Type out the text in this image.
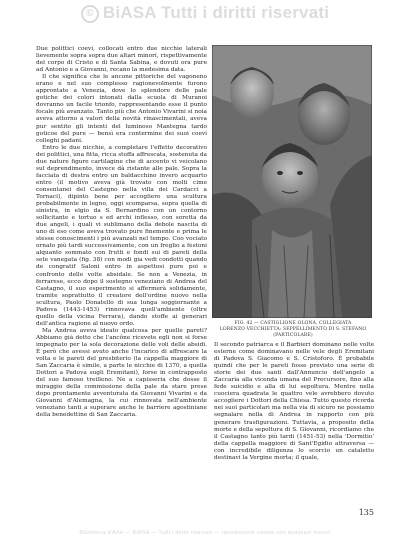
© BiASA Tutti i diritti riservati

Due polittici coevi, collocati entro due nicchie laterali lievemente sopra sopra due altari minori, rispettivamente del corpo di Cristo e di Santa Sabina, e dovuti ora pure ad Antonio e a Giovanni, recano la medesima data.

Il che significa che le ancone pittoriche del vagoneno erano e nel suo complesso ragionevolmente furono approntate a Venezia, dove lo splendore delle pale gotiche dei colori intonati dalla scuola di Muranoi dovranno un facile trionfo, rappresentando esse il punto focale più avanzato. Tanto più che Antonio Vivarini si noia aveva attorno a valori della novità rinascimentali, aveva pur sentito gli intenti del luminoso Mantegna tardo goticoe del pure — bensì era contermine dei suoi coevi colleghi padani.

Entro le due nicchie, a completare l'effetto decorativo dei polittici, una fitta, ricca stoffa affrescata, sostenuta da due nature figure cartilagine che di accento vi veicolano sul deprendimento, invece dà ristante alle pale. Sopra la facciata di destra entro un baldacchino invero acquarto entro (il motivo aveva già trovato con molti cime consentanei del Castegno nella villa dei Cardacci a Tornaci), dipinto bene per accogliere una scultura probabilmente in legno, oggi scomparsa, sopra quella di sinistra, in elgio da S. Bernardino con un contorno sollicitante e tortuo s ed archi inflesso, con soretta da due angeli, i quali vi sublimano della debole nascita di uno di eso come aveva trovato pure finemente e prima le stesse conoscimenti i più avanzati nel tempo. Coo vociato ornato più tardi successivamente, con un freglio a festoni alquanto sommato con frutti e fondi sui di pareti della sete vanegata (fig. 38) con modi gia vedi condotti quando de congratif Saloni entro in aspettosi pure poi e confronto delle volte absidale. Se non a Venezia, in ferrarese, ecco dopo il sostegno veneziano di Andrea del Castagno, il suo esperimento si affermerà solidamente, tramite soprattutto il creatore dell'ordine nuovo nella scultura, Paolo Donatello di sua lunga soggiornante a Padova (1443-1453) rinnovava quell'ambiente (oltre quello della vicina Ferrara), dando stoffe ai generari dell'antica ragione al nuovo ordo.

Ma Andrea aveva ideato qualcosa per quelle pareti? Abbiamo già detto che l'ancône ricevete egli non si forse impegnato per la sola decorazione delle voli delle absidi. È però che avessi avuto anche l'incarico di affrescare la volta e le pareti del presbiterio (la cappella maggiore di San Zaccaria è simile, a parte le nicchie di 1370, a quella Dottori a Padova sugli Eremitani), forse in contrapposto del suo famoso treilleno. Ne a capisseria che dosse il miraggio della commissione della pale da stare prese dopo prontamente avventurata da Giovanni Vivarini e da Giovanni d'Alemagna, la cui rinnovata nell'ambiente veneziano tanti a superare anche le barriere agostiniane della benedettine di San Zaccaria.

FIG. 42 — CASTIGLIONE OLONA, COLLEGIATA
LORENZO VECCHIETTA: SEPPELLIMENTO DI S. STEFANO
(PARTICOLARE)

Il secondo patriarca e il Barbieri dominano nelle volte esterne come dominavano nelle vele degli Eremitani di Padova S. Giacomo e S. Cristoforo. È probabile quindi che per le pareti fosse previsto una serie di storie dei due santi dall'Annuncio dell'angelo a Zaccaria alla vicenda umana del Precursore, fino alla fede suicidio e alla di lui sepoltura. Mentre nella cuociera quadrata le quattro vele avrebbero dovuto accogliere i Dottori della Chiesa. Tutto questo ricorda nei suoi particolari ma nella via di sicuro ne possiamo segnalare nella di Andrea in rapporto con più generare trasfigurazioni. Tuttavia, a proposito della morte e della sepoltura di S. Giovanni, ricordiamo che il Castagno tanto più tardi (1451-53) nella 'Dormitio' della cappella maggiore di Sant'Egidio attraversa — con incredibile diligenza lo scorcio un cataletto destinavi la Vergine morta; il quale,

135
Biblioteca d'Arte — BiASA — Tutti i diritti riservati — riproduzione vietata con qualsiasi mezzo
